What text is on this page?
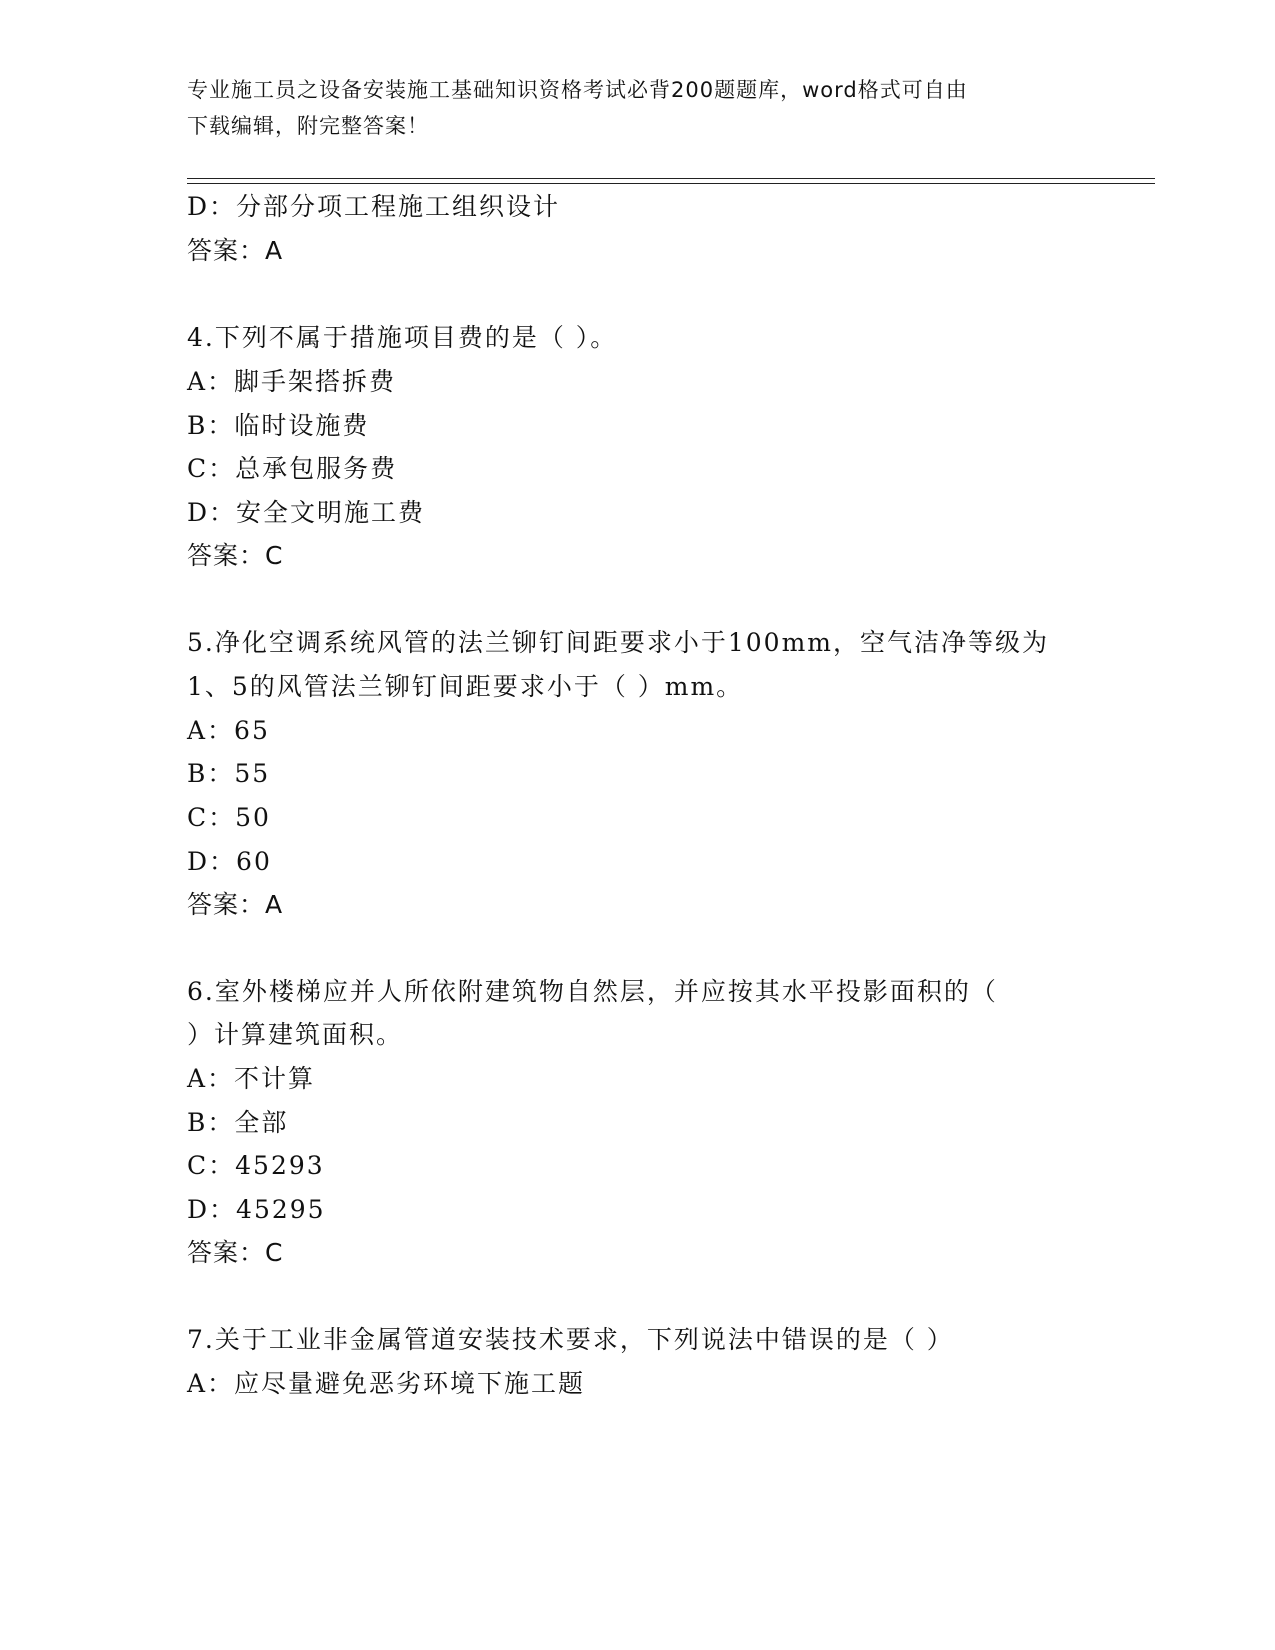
专业施工员之设备安装施工基础知识资格考试必背200题题库，word格式可自由
下载编辑，附完整答案！
D：分部分项工程施工组织设计
答案：A
4.下列不属于措施项目费的是（ ）。
A：脚手架搭拆费
B：临时设施费
C：总承包服务费
D：安全文明施工费
答案：C
5.净化空调系统风管的法兰铆钉间距要求小于100mm，空气洁净等级为
1、5的风管法兰铆钉间距要求小于（ ）mm。
A：65
B：55
C：50
D：60
答案：A
6.室外楼梯应并人所依附建筑物自然层，并应按其水平投影面积的（
）计算建筑面积。
A：不计算
B：全部
C：45293
D：45295
答案：C
7.关于工业非金属管道安装技术要求，下列说法中错误的是（ ）
A：应尽量避免恶劣环境下施工题
